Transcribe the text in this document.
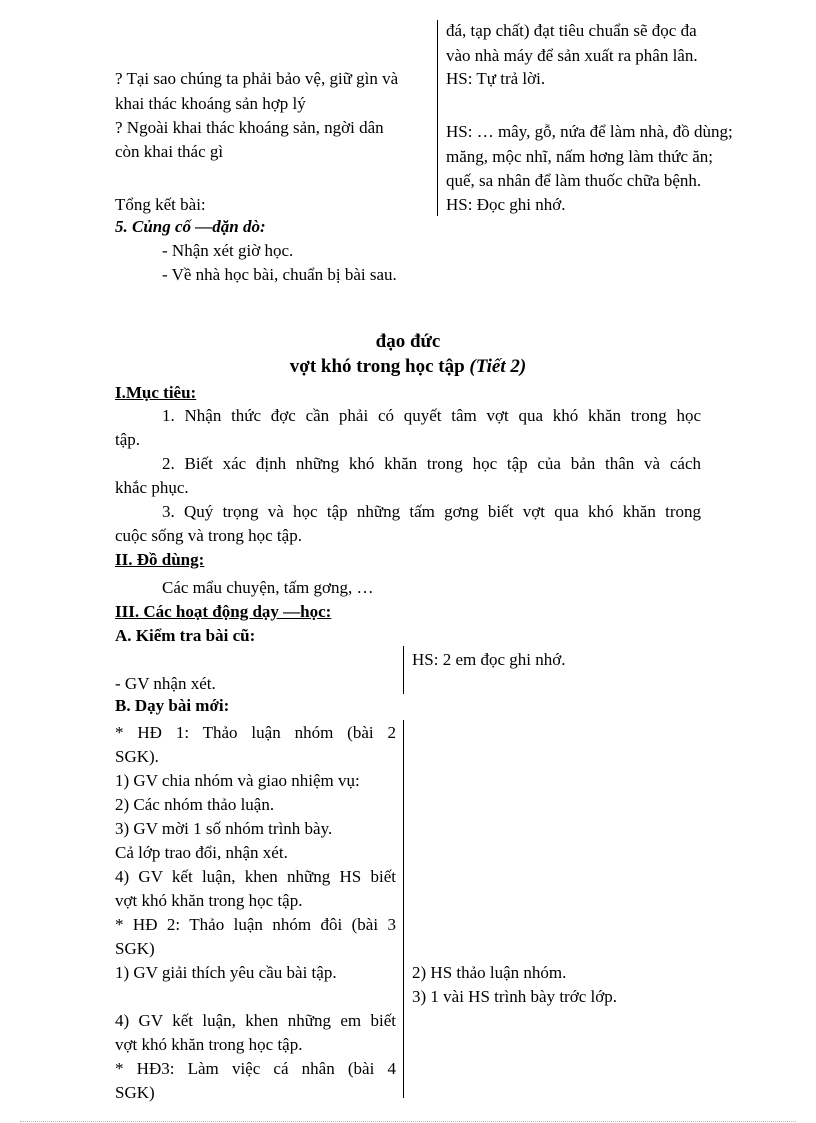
đá, tạp chất) đạt tiêu chuẩn sẽ đọc đa
vào nhà máy để sản xuất ra phân lân.
HS: Tự trả lời.
HS: … mây, gỗ, nứa để làm nhà, đồ dùng;
măng, mộc nhĩ, nấm hơng làm thức ăn;
quế, sa nhân để làm thuốc chữa bệnh.
HS: Đọc ghi nhớ.
? Tại sao chúng ta phải bảo vệ, giữ gìn và
khai thác khoáng sản hợp lý
? Ngoài khai thác khoáng sản, ngời dân
còn khai thác gì
Tổng kết bài:
5. Củng cố —dặn dò:
- Nhận xét giờ học.
- Về nhà học bài, chuẩn bị bài sau.
đạo đức
vợt khó trong học tập (Tiết 2)
I.Mục tiêu:
1. Nhận thức đợc cần phải có quyết tâm vợt qua khó khăn trong học
tập.
2. Biết xác định những khó khăn trong học tập của bản thân và cách
khắc phục.
3. Quý trọng và học tập những tấm gơng biết vợt qua khó khăn trong
cuộc sống và trong học tập.
II. Đồ dùng:
Các mẩu chuyện, tấm gơng, …
III. Các hoạt động dạy —học:
A. Kiểm tra bài cũ:
HS: 2 em đọc ghi nhớ.
- GV nhận xét.
B. Dạy bài mới:
* HĐ 1: Thảo luận nhóm (bài 2
SGK).
1) GV chia nhóm và giao nhiệm vụ:
2) Các nhóm thảo luận.
3) GV mời 1 số nhóm trình bày.
Cả lớp trao đổi, nhận xét.
4) GV kết luận, khen những HS biết
vợt khó khăn trong học tập.
* HĐ 2: Thảo luận nhóm đôi (bài 3
SGK)
1) GV giải thích yêu cầu bài tập.
4) GV kết luận, khen những em biết
vợt khó khăn trong học tập.
* HĐ3: Làm việc cá nhân (bài 4
SGK)
2) HS thảo luận nhóm.
3) 1 vài HS trình bày trớc lớp.
